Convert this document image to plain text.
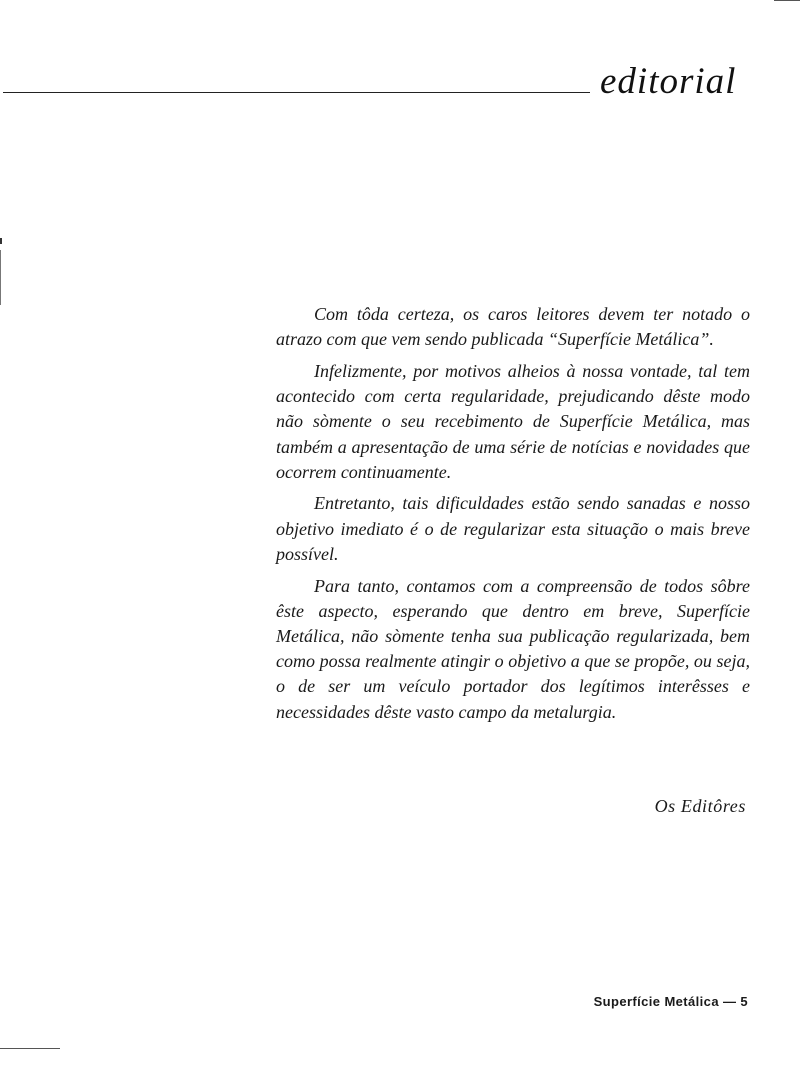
editorial

Com tôda certeza, os caros leitores devem ter notado o atrazo com que vem sendo publicada “Superfície Metálica”.

Infelizmente, por motivos alheios à nossa vontade, tal tem acontecido com certa regularidade, prejudicando dêste modo não sòmente o seu recebimento de Superfície Metálica, mas também a apresentação de uma série de notícias e novidades que ocorrem continuamente.

Entretanto, tais dificuldades estão sendo sanadas e nosso objetivo imediato é o de regularizar esta situação o mais breve possível.

Para tanto, contamos com a compreensão de todos sôbre êste aspecto, esperando que dentro em breve, Superfície Metálica, não sòmente tenha sua publicação regularizada, bem como possa realmente atingir o objetivo a que se propõe, ou seja, o de ser um veículo portador dos legítimos interêsses e necessidades dêste vasto campo da metalurgia.

Os Editôres
Superfície Metálica — 5
